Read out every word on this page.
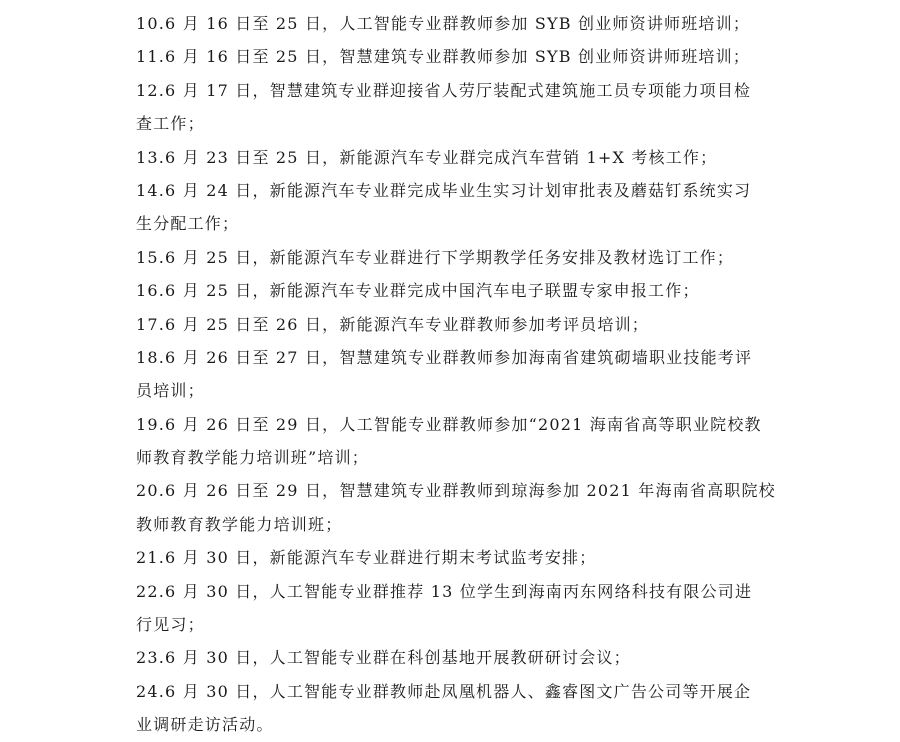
10.6 月 16 日至 25 日，人工智能专业群教师参加 SYB 创业师资讲师班培训；
11.6 月 16 日至 25 日，智慧建筑专业群教师参加 SYB 创业师资讲师班培训；
12.6 月 17 日，智慧建筑专业群迎接省人劳厅装配式建筑施工员专项能力项目检
查工作；
13.6 月 23 日至 25 日，新能源汽车专业群完成汽车营销 1+X 考核工作；
14.6 月 24 日，新能源汽车专业群完成毕业生实习计划审批表及蘑菇钉系统实习
生分配工作；
15.6 月 25 日，新能源汽车专业群进行下学期教学任务安排及教材选订工作；
16.6 月 25 日，新能源汽车专业群完成中国汽车电子联盟专家申报工作；
17.6 月 25 日至 26 日，新能源汽车专业群教师参加考评员培训；
18.6 月 26 日至 27 日，智慧建筑专业群教师参加海南省建筑砌墙职业技能考评
员培训；
19.6 月 26 日至 29 日，人工智能专业群教师参加“2021 海南省高等职业院校教
师教育教学能力培训班”培训；
20.6 月 26 日至 29 日，智慧建筑专业群教师到琼海参加 2021 年海南省高职院校
教师教育教学能力培训班；
21.6 月 30 日，新能源汽车专业群进行期末考试监考安排；
22.6 月 30 日，人工智能专业群推荐 13 位学生到海南丙东网络科技有限公司进
行见习；
23.6 月 30 日，人工智能专业群在科创基地开展教研研讨会议；
24.6 月 30 日，人工智能专业群教师赴凤凰机器人、鑫睿图文广告公司等开展企
业调研走访活动。
